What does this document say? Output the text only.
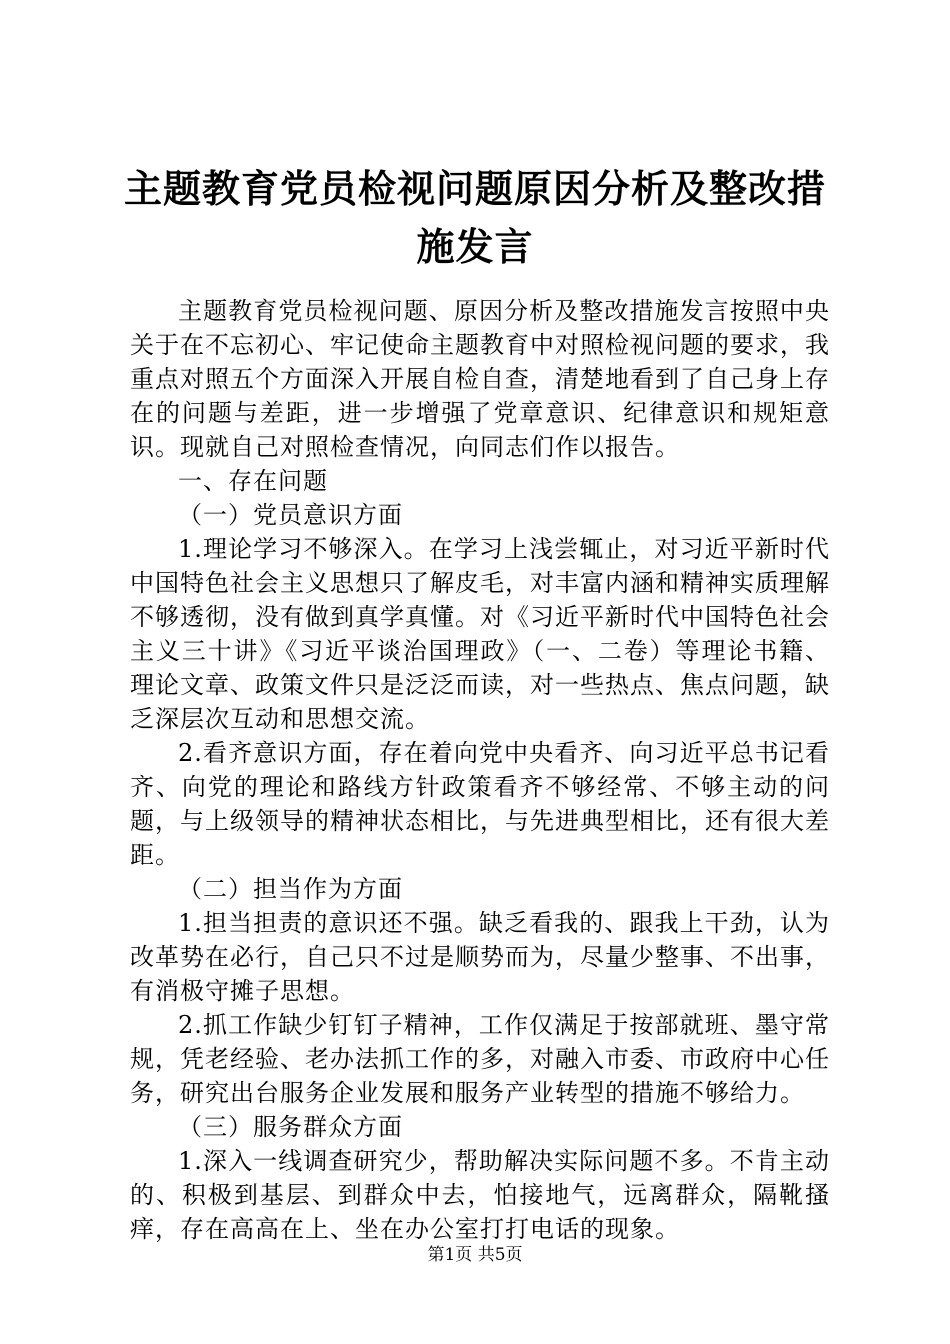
主题教育党员检视问题原因分析及整改措施发言

主题教育党员检视问题、原因分析及整改措施发言按照中央关于在不忘初心、牢记使命主题教育中对照检视问题的要求，我重点对照五个方面深入开展自检自查，清楚地看到了自己身上存在的问题与差距，进一步增强了党章意识、纪律意识和规矩意识。现就自己对照检查情况，向同志们作以报告。

一、存在问题

（一）党员意识方面

1.理论学习不够深入。在学习上浅尝辄止，对习近平新时代中国特色社会主义思想只了解皮毛，对丰富内涵和精神实质理解不够透彻，没有做到真学真懂。对《习近平新时代中国特色社会主义三十讲》《习近平谈治国理政》（一、二卷）等理论书籍、理论文章、政策文件只是泛泛而读，对一些热点、焦点问题，缺乏深层次互动和思想交流。

2.看齐意识方面，存在着向党中央看齐、向习近平总书记看齐、向党的理论和路线方针政策看齐不够经常、不够主动的问题，与上级领导的精神状态相比，与先进典型相比，还有很大差距。

（二）担当作为方面

1.担当担责的意识还不强。缺乏看我的、跟我上干劲，认为改革势在必行，自己只不过是顺势而为，尽量少整事、不出事，有消极守摊子思想。

2.抓工作缺少钉钉子精神，工作仅满足于按部就班、墨守常规，凭老经验、老办法抓工作的多，对融入市委、市政府中心任务，研究出台服务企业发展和服务产业转型的措施不够给力。

（三）服务群众方面

1.深入一线调查研究少，帮助解决实际问题不多。不肯主动的、积极到基层、到群众中去，怕接地气，远离群众，隔靴搔痒，存在高高在上、坐在办公室打打电话的现象。

第1页 共5页
